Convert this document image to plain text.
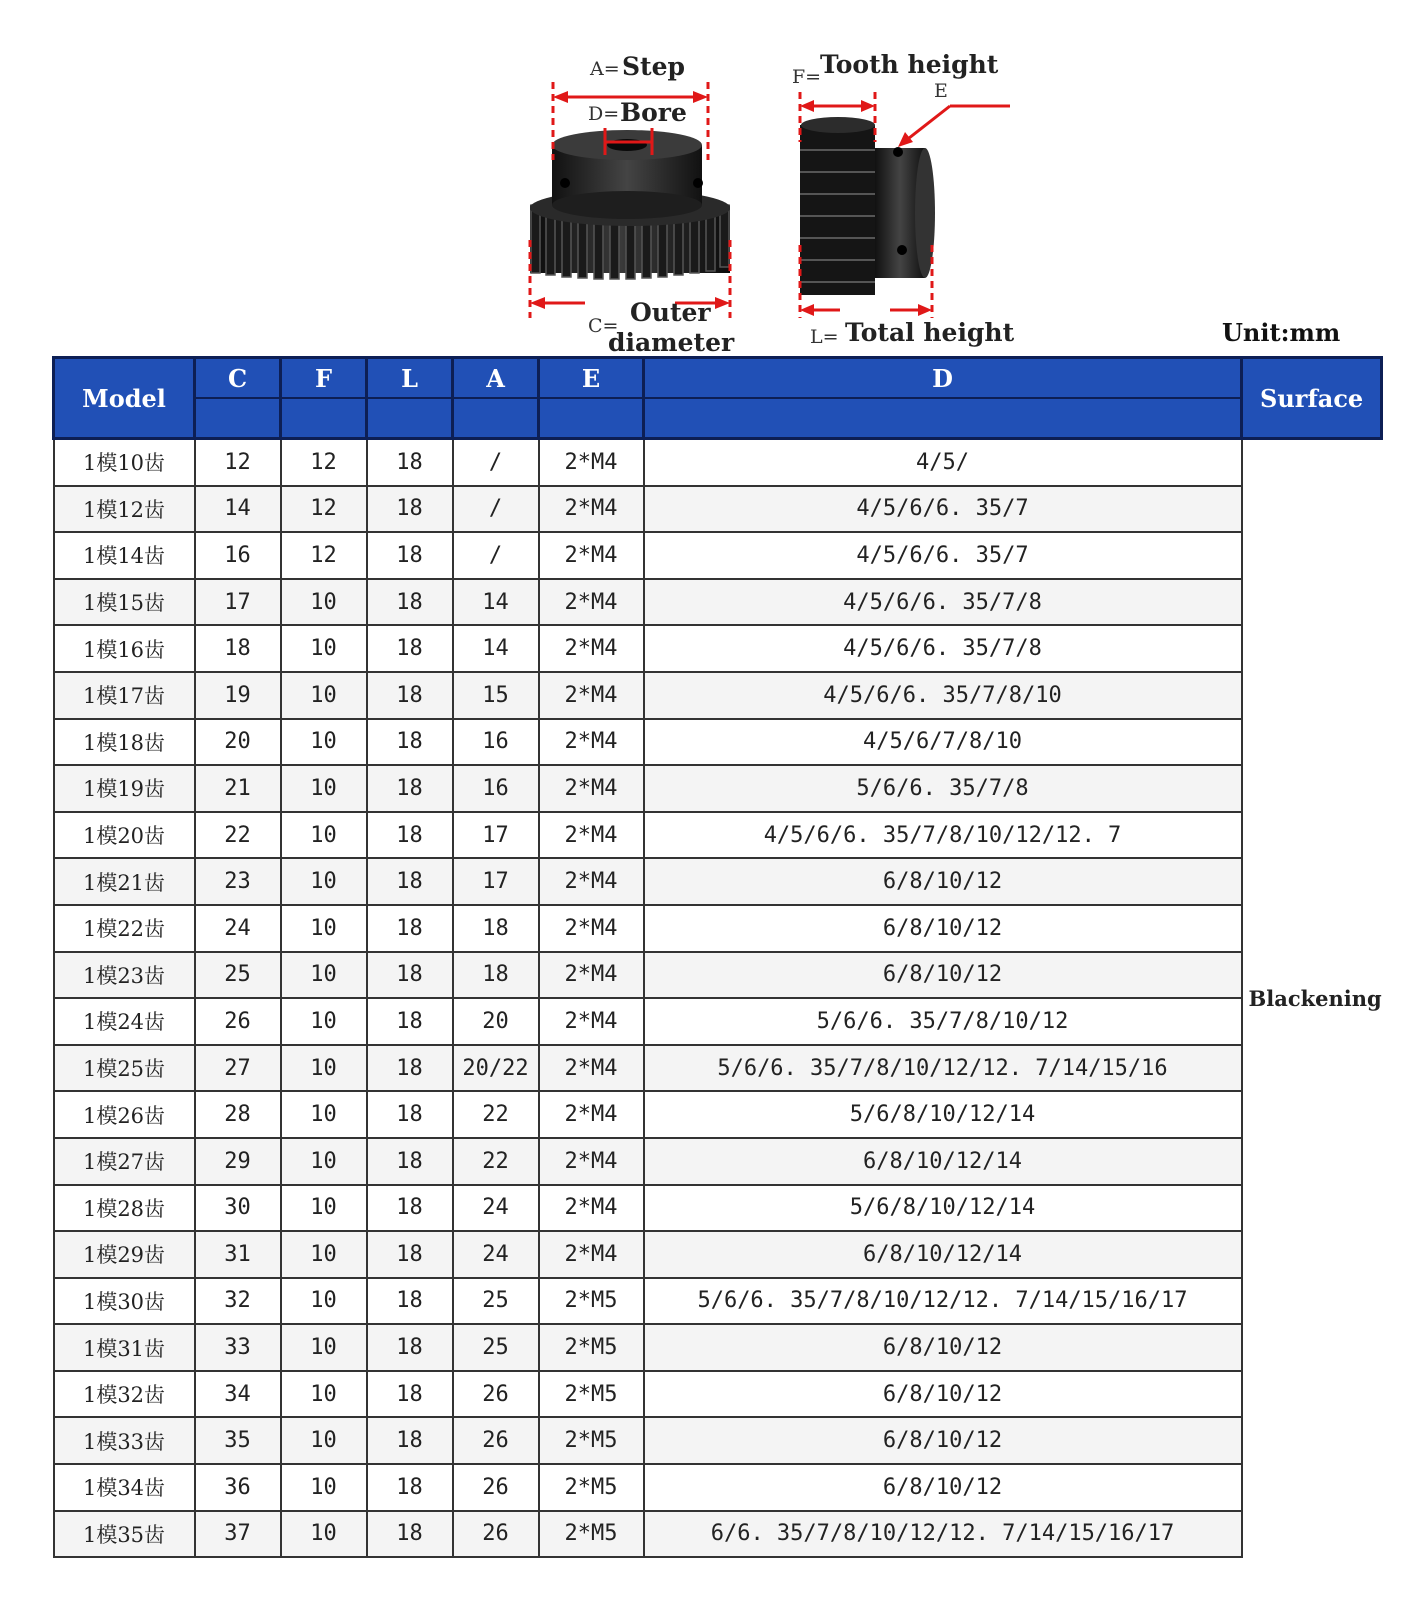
A= Step
D= Bore
C= Outer
diameter
F=
Tooth height
E
L= Total height	Unit:mm
Model	C	F	L	A	E	D	Surface

1模10齿	12	12	18	/	2*M4	4/5/	Blackening
1模12齿	14	12	18	/	2*M4	4/5/6/6. 35/7	
1模14齿	16	12	18	/	2*M4	4/5/6/6. 35/7	
1模15齿	17	10	18	14	2*M4	4/5/6/6. 35/7/8	
1模16齿	18	10	18	14	2*M4	4/5/6/6. 35/7/8	
1模17齿	19	10	18	15	2*M4	4/5/6/6. 35/7/8/10	
1模18齿	20	10	18	16	2*M4	4/5/6/7/8/10	
1模19齿	21	10	18	16	2*M4	5/6/6. 35/7/8	
1模20齿	22	10	18	17	2*M4	4/5/6/6. 35/7/8/10/12/12. 7	
1模21齿	23	10	18	17	2*M4	6/8/10/12	
1模22齿	24	10	18	18	2*M4	6/8/10/12	
1模23齿	25	10	18	18	2*M4	6/8/10/12	
1模24齿	26	10	18	20	2*M4	5/6/6. 35/7/8/10/12	
1模25齿	27	10	18	20/22	2*M4	5/6/6. 35/7/8/10/12/12. 7/14/15/16	
1模26齿	28	10	18	22	2*M4	5/6/8/10/12/14	
1模27齿	29	10	18	22	2*M4	6/8/10/12/14	
1模28齿	30	10	18	24	2*M4	5/6/8/10/12/14	
1模29齿	31	10	18	24	2*M4	6/8/10/12/14	
1模30齿	32	10	18	25	2*M5	5/6/6. 35/7/8/10/12/12. 7/14/15/16/17	
1模31齿	33	10	18	25	2*M5	6/8/10/12	
1模32齿	34	10	18	26	2*M5	6/8/10/12	
1模33齿	35	10	18	26	2*M5	6/8/10/12	
1模34齿	36	10	18	26	2*M5	6/8/10/12	
1模35齿	37	10	18	26	2*M5	6/6. 35/7/8/10/12/12. 7/14/15/16/17	
